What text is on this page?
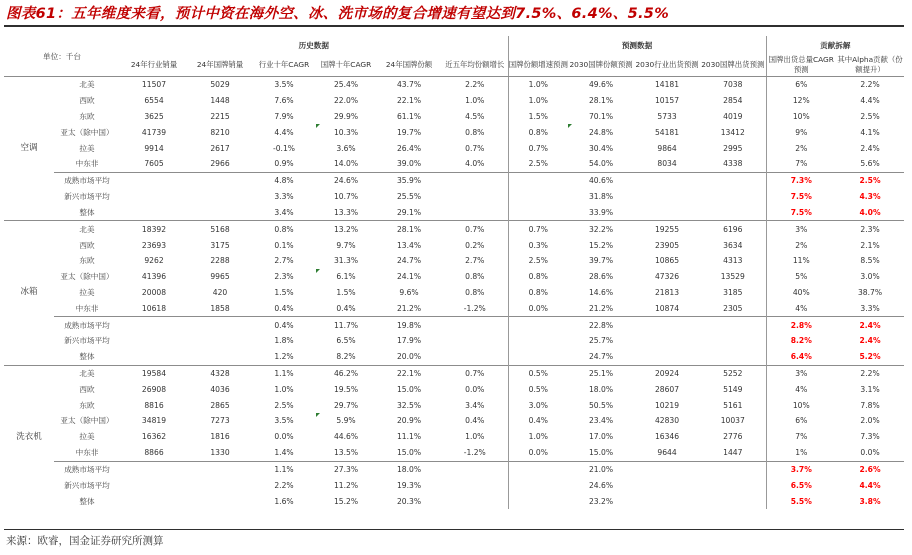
图表61：五年维度来看，预计中资在海外空、冰、洗市场的复合增速有望达到7.5%、6.4%、5.5%
单位：千台		历史数据						预测数据				贡献拆解	
		24年行业销量	24年国牌销量	行业十年CAGR	国牌十年CAGR	24年国牌份额	近五年均份额增长	国牌份额增速预测	2030国牌份额预测	2030行业出货预测	2030国牌出货预测	国牌出货总量CAGR预测	其中Alpha贡献（份额提升）
空调	北美	11507	5029	3.5%	25.4%	43.7%	2.2%	1.0%	49.6%	14181	7038	6%	2.2%
	西欧	6554	1448	7.6%	22.0%	22.1%	1.0%	1.0%	28.1%	10157	2854	12%	4.4%
	东欧	3625	2215	7.9%	29.9%	61.1%	4.5%	1.5%	70.1%	5733	4019	10%	2.5%
	亚太（除中国）	41739	8210	4.4%	10.3%	19.7%	0.8%	0.8%	24.8%	54181	13412	9%	4.1%
	拉美	9914	2617	-0.1%	3.6%	26.4%	0.7%	0.7%	30.4%	9864	2995	2%	2.4%
	中东非	7605	2966	0.9%	14.0%	39.0%	4.0%	2.5%	54.0%	8034	4338	7%	5.6%
	成熟市场平均			4.8%	24.6%	35.9%			40.6%			7.3%	2.5%
	新兴市场平均			3.3%	10.7%	25.5%			31.8%			7.5%	4.3%
	整体			3.4%	13.3%	29.1%			33.9%			7.5%	4.0%
冰箱	北美	18392	5168	0.8%	13.2%	28.1%	0.7%	0.7%	32.2%	19255	6196	3%	2.3%
	西欧	23693	3175	0.1%	9.7%	13.4%	0.2%	0.3%	15.2%	23905	3634	2%	2.1%
	东欧	9262	2288	2.7%	31.3%	24.7%	2.7%	2.5%	39.7%	10865	4313	11%	8.5%
	亚太（除中国）	41396	9965	2.3%	6.1%	24.1%	0.8%	0.8%	28.6%	47326	13529	5%	3.0%
	拉美	20008	420	1.5%	1.5%	9.6%	0.8%	0.8%	14.6%	21813	3185	40%	38.7%
	中东非	10618	1858	0.4%	0.4%	21.2%	-1.2%	0.0%	21.2%	10874	2305	4%	3.3%
	成熟市场平均			0.4%	11.7%	19.8%			22.8%			2.8%	2.4%
	新兴市场平均			1.8%	6.5%	17.9%			25.7%			8.2%	2.4%
	整体			1.2%	8.2%	20.0%			24.7%			6.4%	5.2%
洗衣机	北美	19584	4328	1.1%	46.2%	22.1%	0.7%	0.5%	25.1%	20924	5252	3%	2.2%
	西欧	26908	4036	1.0%	19.5%	15.0%	0.0%	0.5%	18.0%	28607	5149	4%	3.1%
	东欧	8816	2865	2.5%	29.7%	32.5%	3.4%	3.0%	50.5%	10219	5161	10%	7.8%
	亚太（除中国）	34819	7273	3.5%	5.9%	20.9%	0.4%	0.4%	23.4%	42830	10037	6%	2.0%
	拉美	16362	1816	0.0%	44.6%	11.1%	1.0%	1.0%	17.0%	16346	2776	7%	7.3%
	中东非	8866	1330	1.4%	13.5%	15.0%	-1.2%	0.0%	15.0%	9644	1447	1%	0.0%
	成熟市场平均			1.1%	27.3%	18.0%			21.0%			3.7%	2.6%
	新兴市场平均			2.2%	11.2%	19.3%			24.6%			6.5%	4.4%
	整体			1.6%	15.2%	20.3%			23.2%			5.5%	3.8%
来源：欧睿，国金证券研究所测算
